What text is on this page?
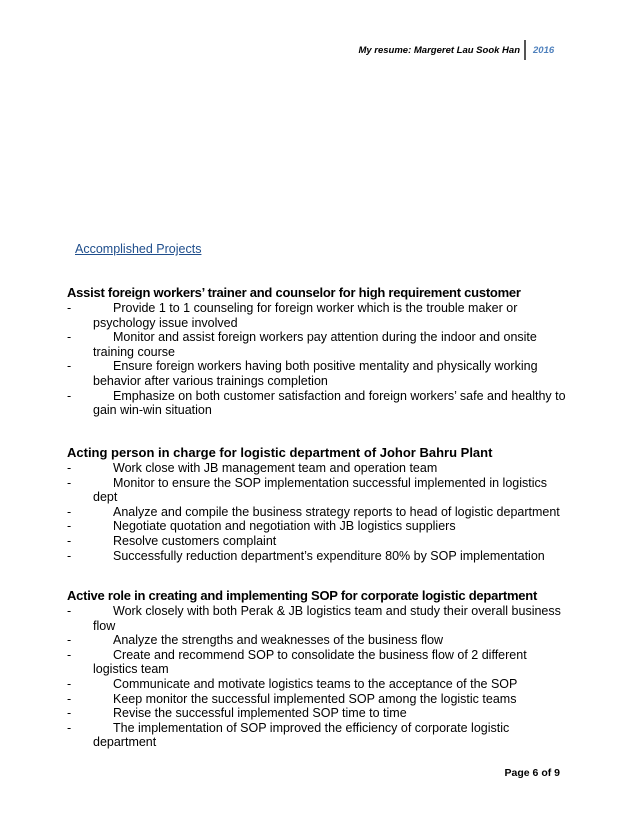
My resume: Margeret Lau Sook Han 2016
Accomplished Projects
Assist foreign workers’ trainer and counselor for high requirement customer
-	Provide 1 to 1 counseling for foreign worker which is the trouble maker or psychology issue involved
-	Monitor and assist foreign workers pay attention during the indoor and onsite training course
-	Ensure foreign workers having both positive mentality and physically working behavior after various trainings completion
-	Emphasize on both customer satisfaction and foreign workers’ safe and healthy to gain win-win situation
Acting person in charge for logistic department of Johor Bahru Plant
-	Work close with JB management team and operation team
-	Monitor to ensure the SOP implementation successful implemented in logistics dept
-	Analyze and compile the business strategy reports to head of logistic department
-	Negotiate quotation and negotiation with JB logistics suppliers
-	Resolve customers complaint
-	Successfully reduction department’s expenditure 80% by SOP implementation
Active role in creating and implementing SOP for corporate logistic department
-	Work closely with both Perak & JB logistics team and study their overall business flow
-	Analyze the strengths and weaknesses of the business flow
-	Create and recommend SOP to consolidate the business flow of 2 different logistics team
-	Communicate and motivate logistics teams to the acceptance of the SOP
-	Keep monitor the successful implemented SOP among the logistic teams
-	Revise the successful implemented SOP time to time
-	The implementation of SOP improved the efficiency of corporate logistic department
Page 6 of 9
